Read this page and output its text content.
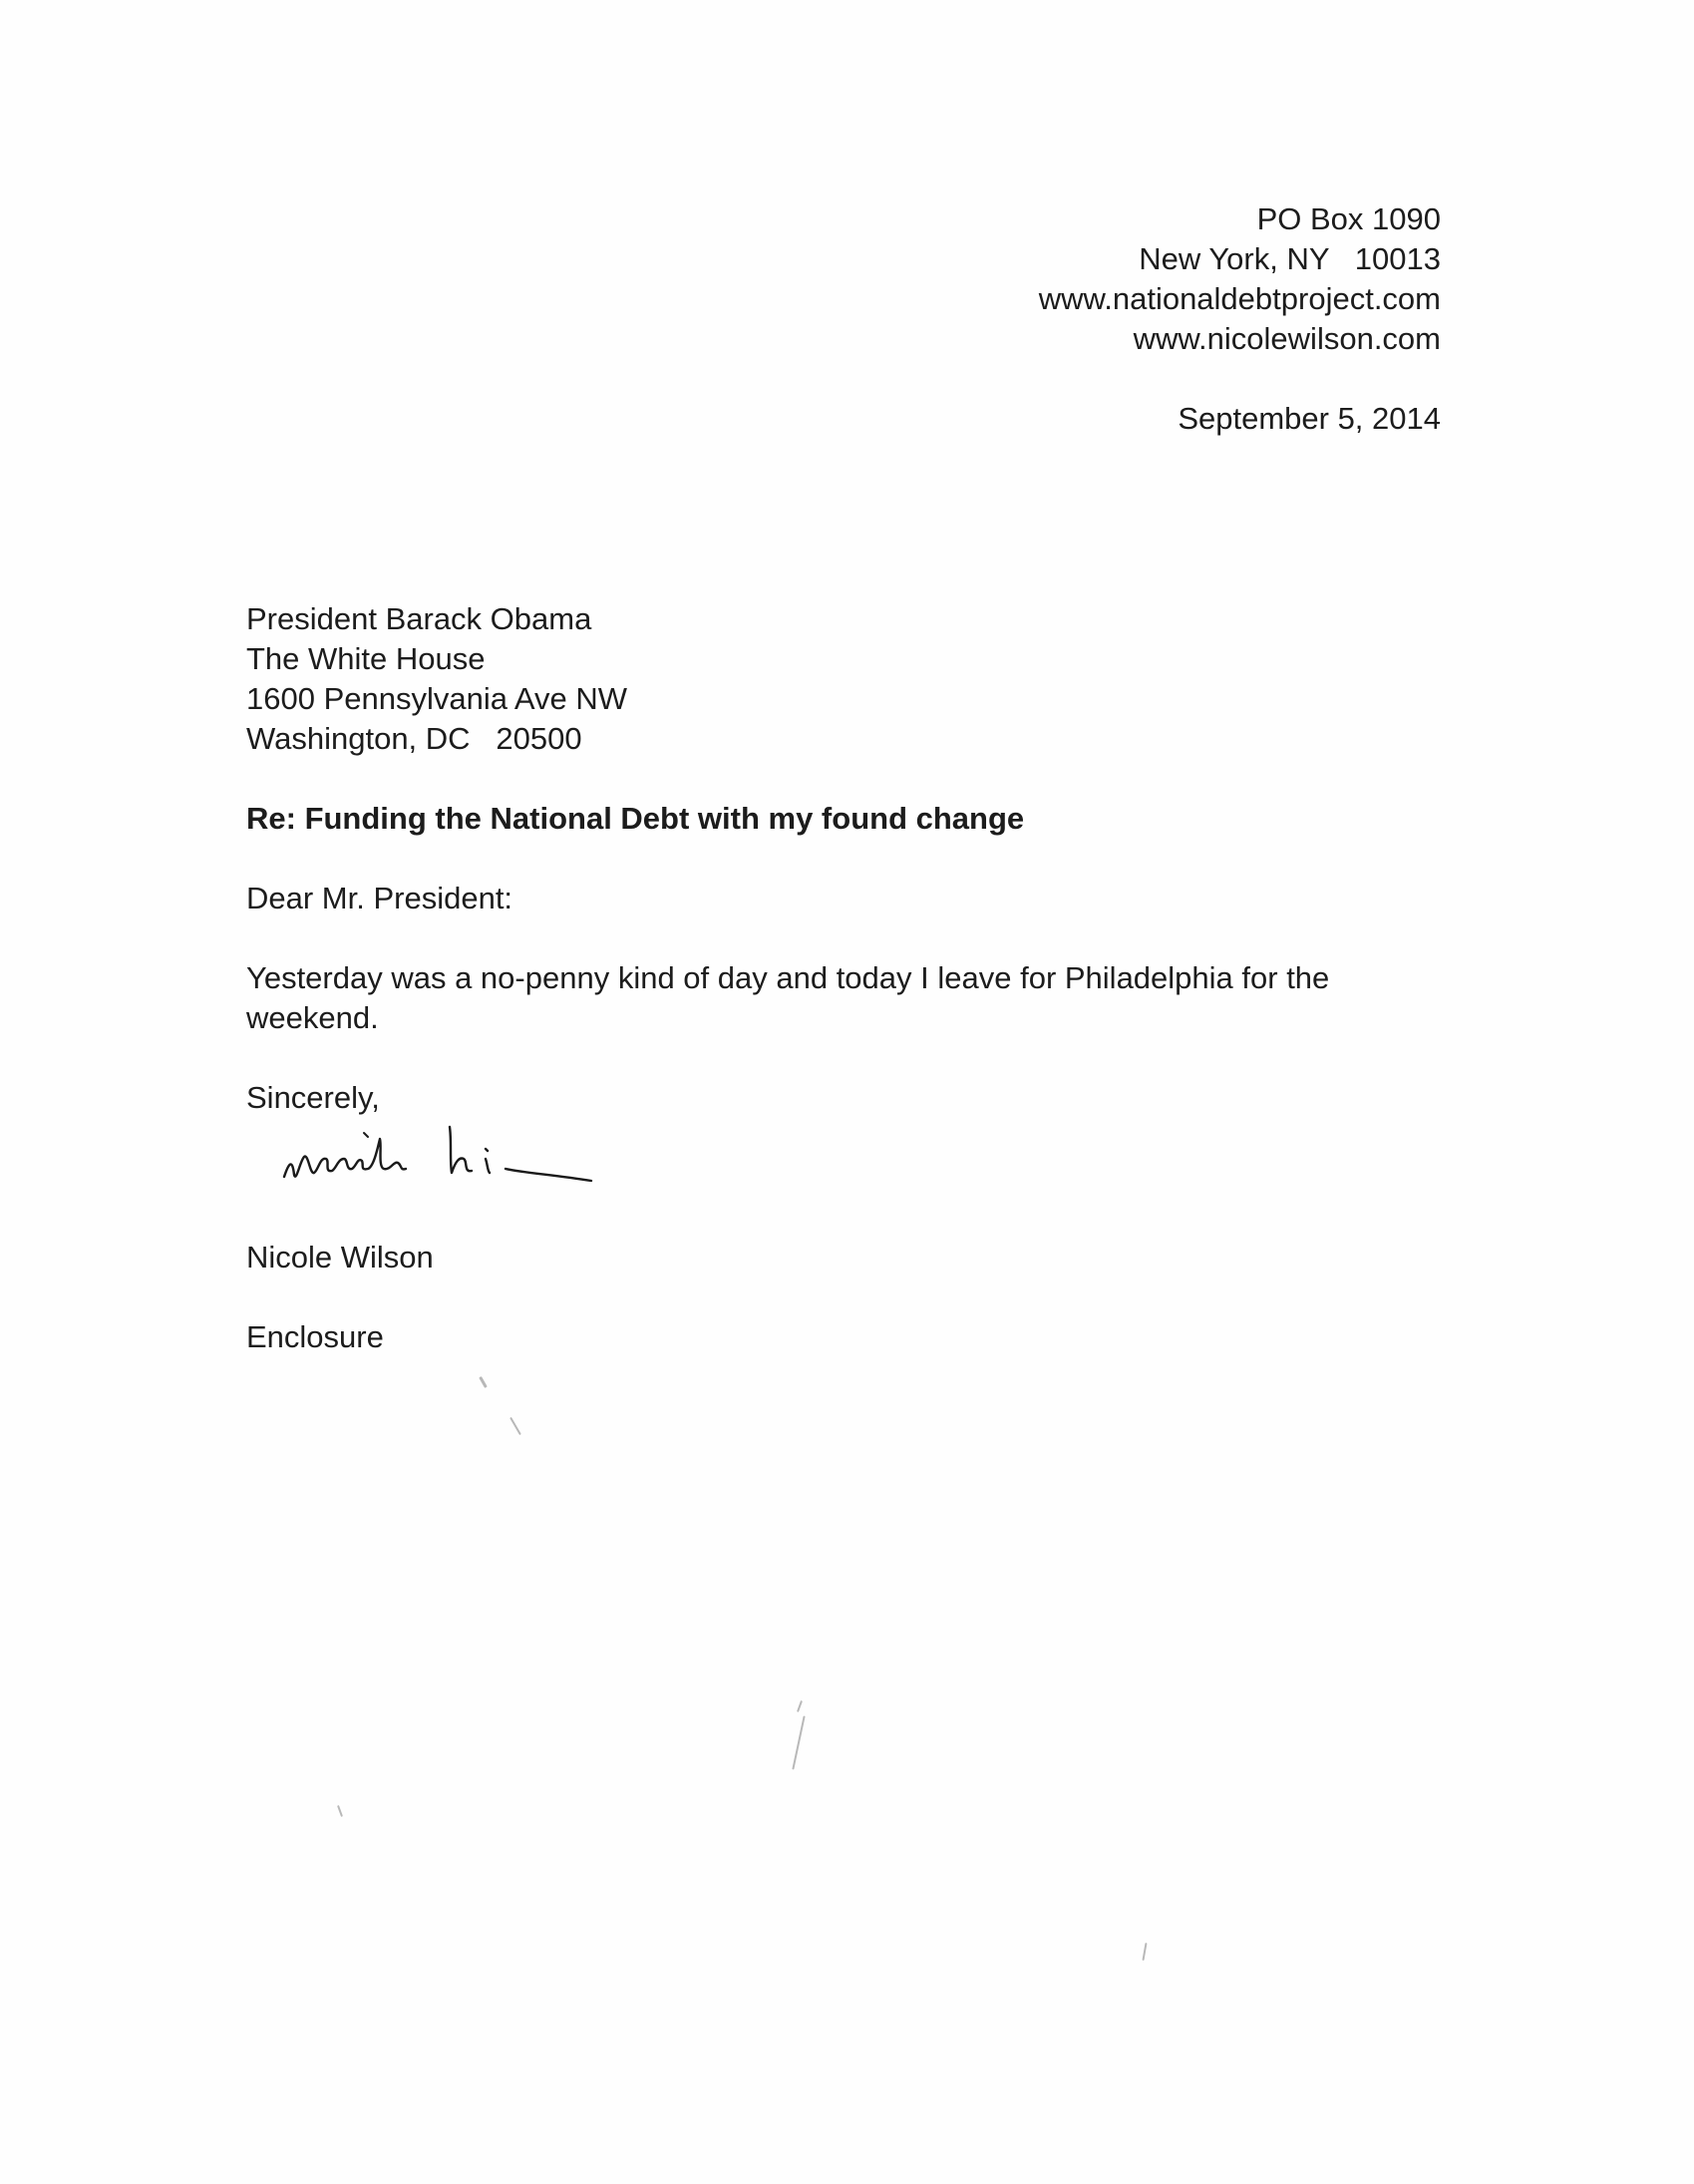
PO Box 1090
New York, NY   10013
www.nationaldebtproject.com
www.nicolewilson.com
September 5, 2014
President Barack Obama
The White House
1600 Pennsylvania Ave NW
Washington, DC   20500
Re: Funding the National Debt with my found change
Dear Mr. President:
Yesterday was a no-penny kind of day and today I leave for Philadelphia for the weekend.
Sincerely,
Nicole Wilson
Enclosure
